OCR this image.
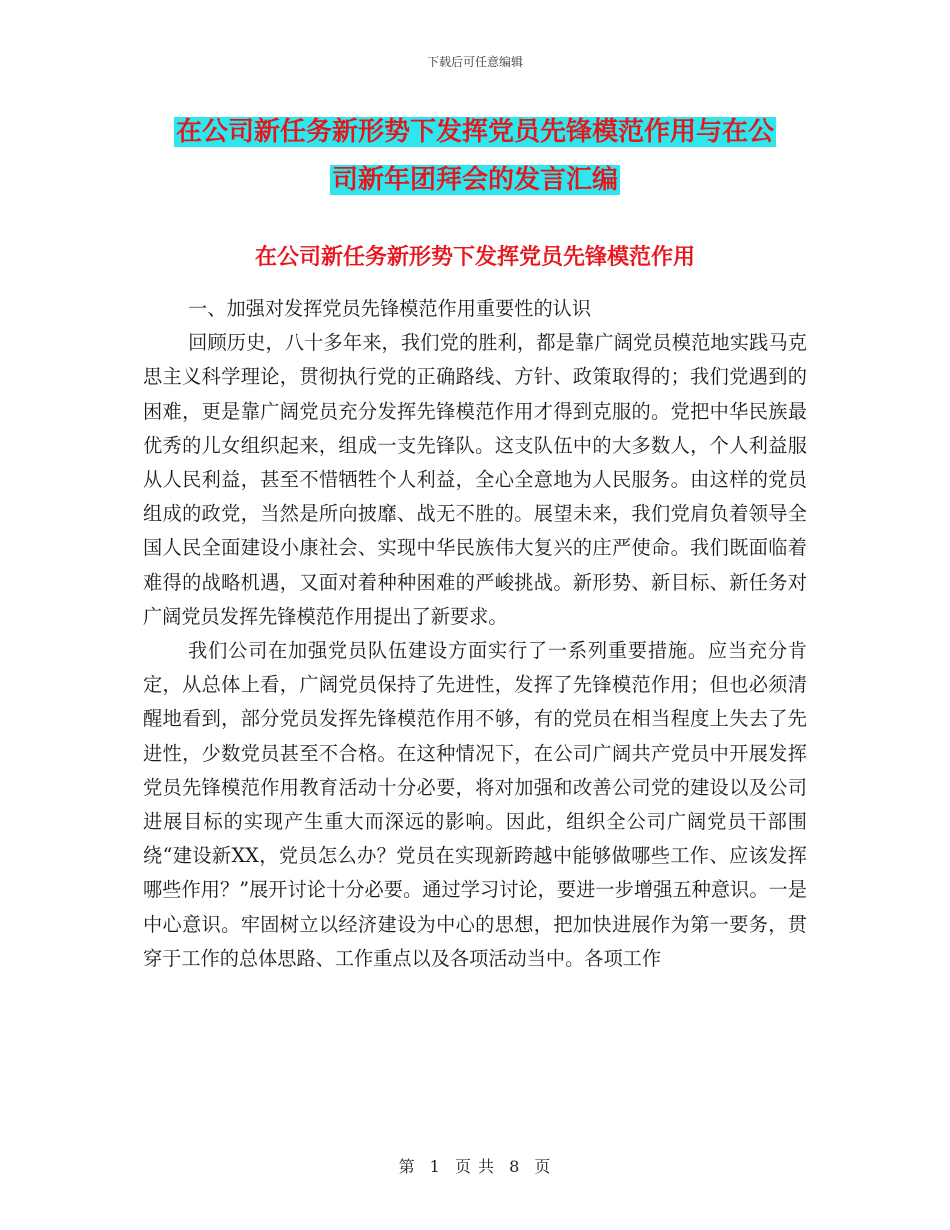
下载后可任意编辑
在公司新任务新形势下发挥党员先锋模范作用与在公
司新年团拜会的发言汇编
在公司新任务新形势下发挥党员先锋模范作用

一、加强对发挥党员先锋模范作用重要性的认识

回顾历史，八十多年来，我们党的胜利，都是靠广阔党员模范地实践马克思主义科学理论，贯彻执行党的正确路线、方针、政策取得的；我们党遇到的困难，更是靠广阔党员充分发挥先锋模范作用才得到克服的。党把中华民族最优秀的儿女组织起来，组成一支先锋队。这支队伍中的大多数人，个人利益服从人民利益，甚至不惜牺牲个人利益，全心全意地为人民服务。由这样的党员组成的政党，当然是所向披靡、战无不胜的。展望未来，我们党肩负着领导全国人民全面建设小康社会、实现中华民族伟大复兴的庄严使命。我们既面临着难得的战略机遇，又面对着种种困难的严峻挑战。新形势、新目标、新任务对广阔党员发挥先锋模范作用提出了新要求。

我们公司在加强党员队伍建设方面实行了一系列重要措施。应当充分肯定，从总体上看，广阔党员保持了先进性，发挥了先锋模范作用；但也必须清醒地看到，部分党员发挥先锋模范作用不够，有的党员在相当程度上失去了先进性，少数党员甚至不合格。在这种情况下，在公司广阔共产党员中开展发挥党员先锋模范作用教育活动十分必要，将对加强和改善公司党的建设以及公司进展目标的实现产生重大而深远的影响。因此，组织全公司广阔党员干部围绕“建设新XX，党员怎么办？党员在实现新跨越中能够做哪些工作、应该发挥哪些作用？”展开讨论十分必要。通过学习讨论，要进一步增强五种意识。一是中心意识。牢固树立以经济建设为中心的思想，把加快进展作为第一要务，贯穿于工作的总体思路、工作重点以及各项活动当中。各项工作

第 1 页 共 8 页
